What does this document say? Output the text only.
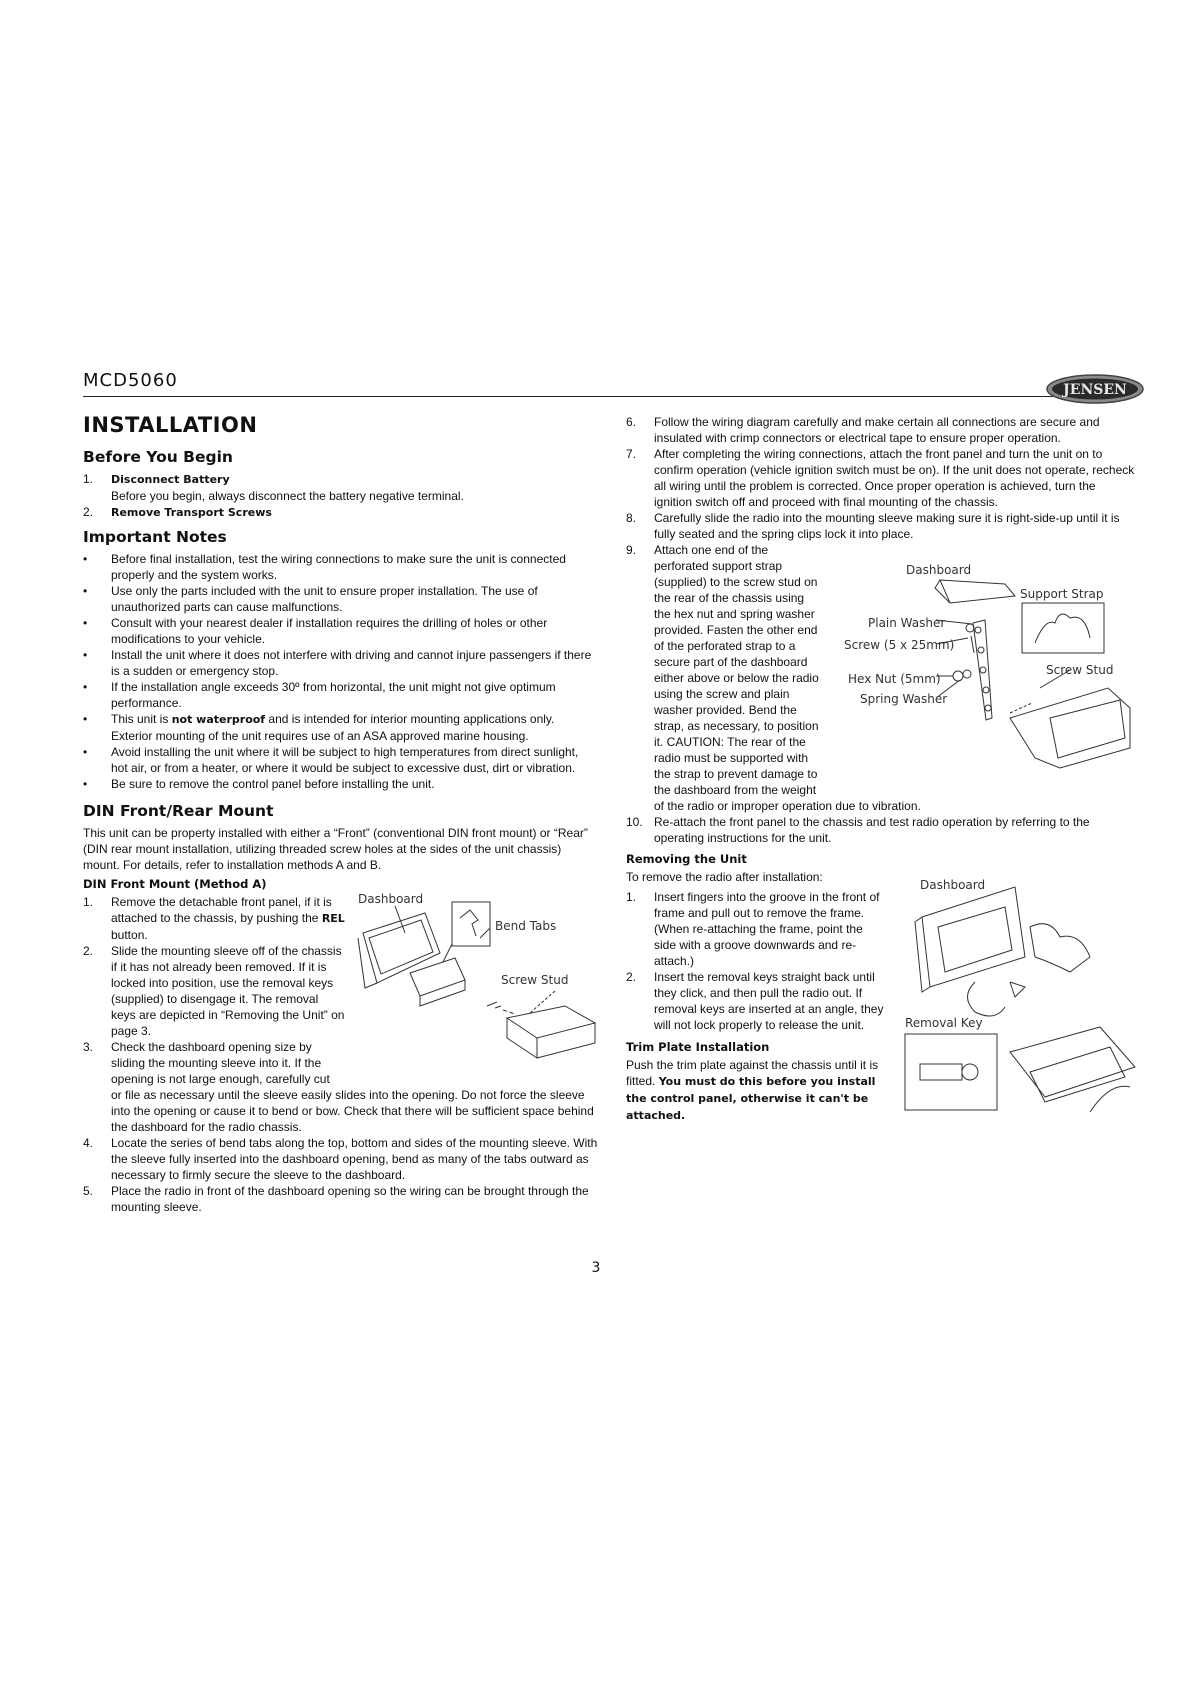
MCD5060	JENSEN
INSTALLATION
Before You Begin
1. Disconnect Battery
Before you begin, always disconnect the battery negative terminal.
2. Remove Transport Screws
Important Notes
• Before final installation, test the wiring connections to make sure the unit is connected properly and the system works.
• Use only the parts included with the unit to ensure proper installation. The use of unauthorized parts can cause malfunctions.
• Consult with your nearest dealer if installation requires the drilling of holes or other modifications to your vehicle.
• Install the unit where it does not interfere with driving and cannot injure passengers if there is a sudden or emergency stop.
• If the installation angle exceeds 30º from horizontal, the unit might not give optimum performance.
• This unit is not waterproof and is intended for interior mounting applications only. Exterior mounting of the unit requires use of an ASA approved marine housing.
• Avoid installing the unit where it will be subject to high temperatures from direct sunlight, hot air, or from a heater, or where it would be subject to excessive dust, dirt or vibration.
• Be sure to remove the control panel before installing the unit.
DIN Front/Rear Mount

This unit can be property installed with either a “Front” (conventional DIN front mount) or “Rear” (DIN rear mount installation, utilizing threaded screw holes at the sides of the unit chassis) mount. For details, refer to installation methods A and B.

DIN Front Mount (Method A)
1. Remove the detachable front panel, if it is attached to the chassis, by pushing the REL button.
2. Slide the mounting sleeve off of the chassis if it has not already been removed. If it is locked into position, use the removal keys (supplied) to disengage it. The removal keys are depicted in “Removing the Unit” on page 3.
3. Check the dashboard opening size by sliding the mounting sleeve into it. If the opening is not large enough, carefully cut
or file as necessary until the sleeve easily slides into the opening. Do not force the sleeve into the opening or cause it to bend or bow. Check that there will be sufficient space behind the dashboard for the radio chassis.
4. Locate the series of bend tabs along the top, bottom and sides of the mounting sleeve. With the sleeve fully inserted into the dashboard opening, bend as many of the tabs outward as necessary to firmly secure the sleeve to the dashboard.
5. Place the radio in front of the dashboard opening so the wiring can be brought through the mounting sleeve.
Dashboard
Bend Tabs
Screw Stud
6. Follow the wiring diagram carefully and make certain all connections are secure and insulated with crimp connectors or electrical tape to ensure proper operation.
7. After completing the wiring connections, attach the front panel and turn the unit on to confirm operation (vehicle ignition switch must be on). If the unit does not operate, recheck all wiring until the problem is corrected. Once proper operation is achieved, turn the ignition switch off and proceed with final mounting of the chassis.
8. Carefully slide the radio into the mounting sleeve making sure it is right-side-up until it is fully seated and the spring clips lock it into place.
9. Attach one end of the perforated support strap (supplied) to the screw stud on the rear of the chassis using the hex nut and spring washer provided. Fasten the other end of the perforated strap to a secure part of the dashboard either above or below the radio using the screw and plain washer provided. Bend the strap, as necessary, to position it. CAUTION: The rear of the radio must be supported with the strap to prevent damage to the dashboard from the weight
of the radio or improper operation due to vibration.
10. Re-attach the front panel to the chassis and test radio operation by referring to the operating instructions for the unit.
Removing the Unit

To remove the radio after installation:

1. Insert fingers into the groove in the front of frame and pull out to remove the frame. (When re-attaching the frame, point the side with a groove downwards and re-attach.)
2. Insert the removal keys straight back until they click, and then pull the radio out. If removal keys are inserted at an angle, they will not lock properly to release the unit.
Trim Plate Installation

Push the trim plate against the chassis until it is fitted. You must do this before you install the control panel, otherwise it can't be attached.

Dashboard
Support Strap
Plain Washer
Screw (5 x 25mm)
Screw Stud
Hex Nut (5mm)
Spring Washer
Dashboard
Removal Key
3
